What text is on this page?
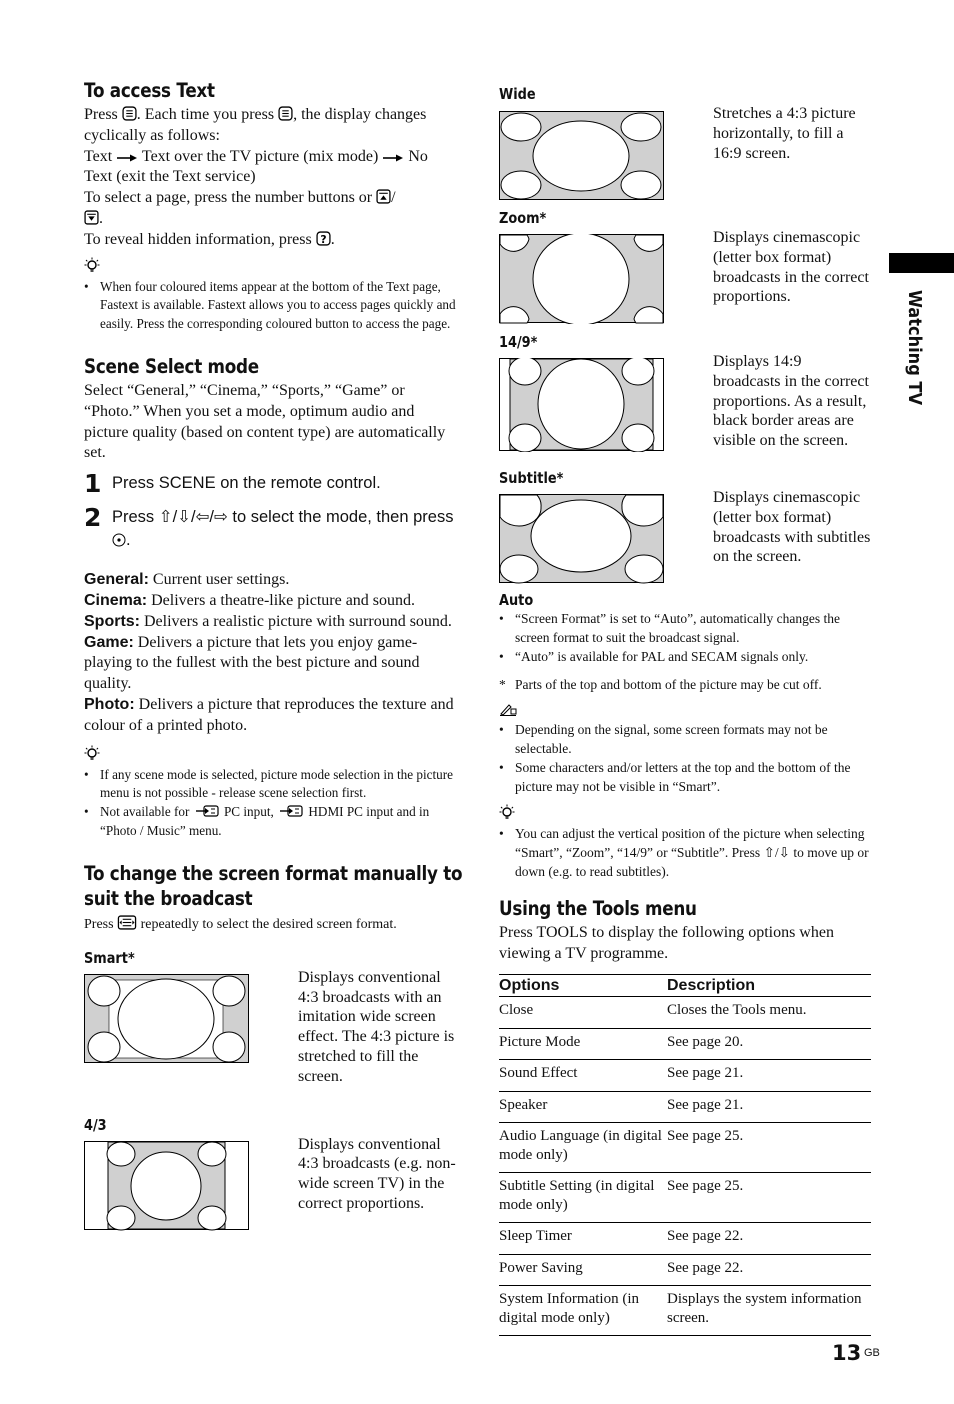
Watching TV
13 GB
To access Text
Press . Each time you press , the display changes cyclically as follows:
Text  Text over the TV picture (mix mode)  No Text (exit the Text service)
To select a page, press the number buttons or /
.
To reveal hidden information, press .
• When four coloured items appear at the bottom of the Text page, Fastext is available. Fastext allows you to access pages quickly and easily. Press the corresponding coloured button to access the page.
Scene Select mode
Select “General,” “Cinema,” “Sports,” “Game” or “Photo.” When you set a mode, optimum audio and picture quality (based on content type) are automatically set.
1 Press SCENE on the remote control.
2 Press ⇧/⇩/⇦/⇨ to select the mode, then press .
General: Current user settings.
Cinema: Delivers a theatre-like picture and sound.
Sports: Delivers a realistic picture with surround sound.
Game: Delivers a picture that lets you enjoy game-playing to the fullest with the best picture and sound quality.
Photo: Delivers a picture that reproduces the texture and colour of a printed photo.
• If any scene mode is selected, picture mode selection in the picture menu is not possible - release scene selection first.
• Not available for  PC input,  HDMI PC input and in “Photo / Music” menu.
To change the screen format manually to
suit the broadcast
Press  repeatedly to select the desired screen format.
Smart*
Displays conventional 4:3 broadcasts with an imitation wide screen effect. The 4:3 picture is stretched to fill the screen.
4/3
Displays conventional 4:3 broadcasts (e.g. non-wide screen TV) in the correct proportions.
Wide
Stretches a 4:3 picture horizontally, to fill a 16:9 screen.
Zoom*
Displays cinemascopic (letter box format) broadcasts in the correct proportions.
14/9*
Displays 14:9 broadcasts in the correct proportions. As a result, black border areas are visible on the screen.
Subtitle*
Displays cinemascopic (letter box format) broadcasts with subtitles on the screen.
Auto
• “Screen Format” is set to “Auto”, automatically changes the screen format to suit the broadcast signal.
• “Auto” is available for PAL and SECAM signals only.
* Parts of the top and bottom of the picture may be cut off.
• Depending on the signal, some screen formats may not be selectable.
• Some characters and/or letters at the top and the bottom of the picture may not be visible in “Smart”.
• You can adjust the vertical position of the picture when selecting “Smart”, “Zoom”, “14/9” or “Subtitle”. Press ⇧/⇩ to move up or down (e.g. to read subtitles).
Using the Tools menu
Press TOOLS to display the following options when viewing a TV programme.
Options	Description
Close	Closes the Tools menu.
Picture Mode	See page 20.
Sound Effect	See page 21.
Speaker	See page 21.
Audio Language (in digital mode only)	See page 25.
Subtitle Setting (in digital mode only)	See page 25.
Sleep Timer	See page 22.
Power Saving	See page 22.
System Information (in digital mode only)	Displays the system information screen.
